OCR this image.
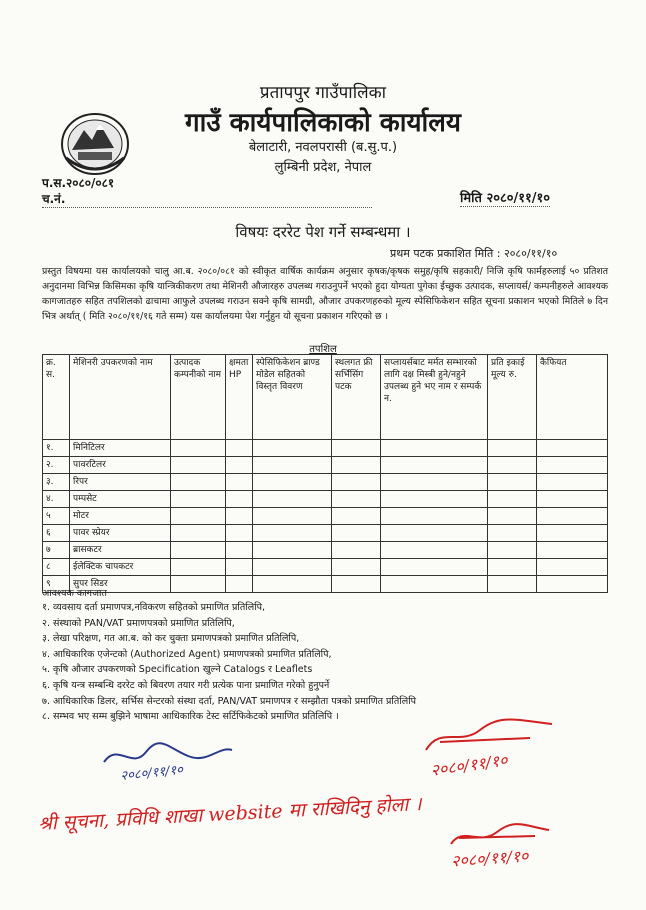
प्रतापपुर गाउँपालिका
गाउँ कार्यपालिकाको कार्यालय
बेलाटारी, नवलपरासी (ब.सु.प.)
लुम्बिनी प्रदेश, नेपाल
प.स.२०८०/०८१
च.नं.	मिति २०८०/११/१०
विषयः दररेट पेश गर्ने सम्बन्धमा ।
प्रथम पटक प्रकाशित मिति : २०८०/११/१०
प्रस्तुत विषयमा यस कार्यालयको चालु आ.ब. २०८०/०८१ को स्वीकृत वार्षिक कार्यक्रम अनुसार कृषक/कृषक समुह/कृषि सहकारी/ निजि कृषि फार्महरुलाई ५० प्रतिशत अनुदानमा विभिन्न किसिमका कृषि यान्त्रिकीकरण तथा मेशिनरी औजारहरु उपलब्ध गराउनुपर्ने भएको हुदा योग्यता पुगेका ईच्छुक उत्पादक, सप्लायर्स/ कम्पनीहरुले आवश्यक कागजातहरु सहित तपशिलको ढाचामा आफुले उपलब्ध गराउन सक्ने कृषि सामग्री, औजार उपकरणहरुको मूल्य स्पेसिफिकेशन सहित सूचना प्रकाशन भएको मितिले ७ दिन भित्र अर्थात् ( मिति २०८०/११/१६ गते सम्म) यस कार्यालयमा पेश गर्नुहुन यो सूचना प्रकाशन गरिएको छ ।
तपशिल
क्र. स.	मेशिनरी उपकरणको नाम	उत्पादक कम्पनीको नाम	क्षमता HP	स्पेसिफिकेशन ब्राण्ड मोडेल सहितको विस्तृत विवरण	स्थलगत फ्री सर्भिसिंग पटक	सप्लायर्सबाट मर्मत सम्भारको लागि दक्ष मिस्त्री हुने/नहुने उपलब्ध हुने भए नाम र सम्पर्क न.	प्रति इकाई मूल्य रु.	कैफियत
१.	मिनिटिलर							
२.	पावरटिलर							
३.	रिपर							
४.	पम्पसेट							
५	मोटर							
६	पावर स्प्रेयर							
७	ब्रासकटर							
८	ईलेक्टिक चापकटर							
९	सुपर सिडर							
आवश्यक कागजात
१. व्यवसाय दर्ता प्रमाणपत्र,नविकरण सहितको प्रमाणित प्रतिलिपि,
२. संस्थाको PAN/VAT प्रमाणपत्रको प्रमाणित प्रतिलिपि,
३. लेखा परिक्षण, गत आ.ब. को कर चुक्ता प्रमाणपत्रको प्रमाणित प्रतिलिपि,
४. आधिकारिक एजेन्टको (Authorized Agent) प्रमाणपत्रको प्रमाणित प्रतिलिपि,
५. कृषि औजार उपकरणको Specification खुल्ने Catalogs र Leaflets
६. कृषि यन्त्र सम्बन्धि दररेट को बिवरण तयार गरी प्रत्येक पाना प्रमाणित गरेको हुनुपर्ने
७. आधिकारिक डिलर, सर्भिस सेन्टरको संस्था दर्ता, PAN/VAT प्रमाणपत्र र सम्झौता पत्रको प्रमाणित प्रतिलिपि
८. सम्भव भए सम्म बुझिने भाषामा आधिकारिक टेस्ट सर्टिफिकेटको प्रमाणित प्रतिलिपि ।
२०८०/११/१०	२०८०/११/१०
श्री सूचना, प्रविधि शाखा website मा राखिदिनु होला ।
२०८०/११/१०
